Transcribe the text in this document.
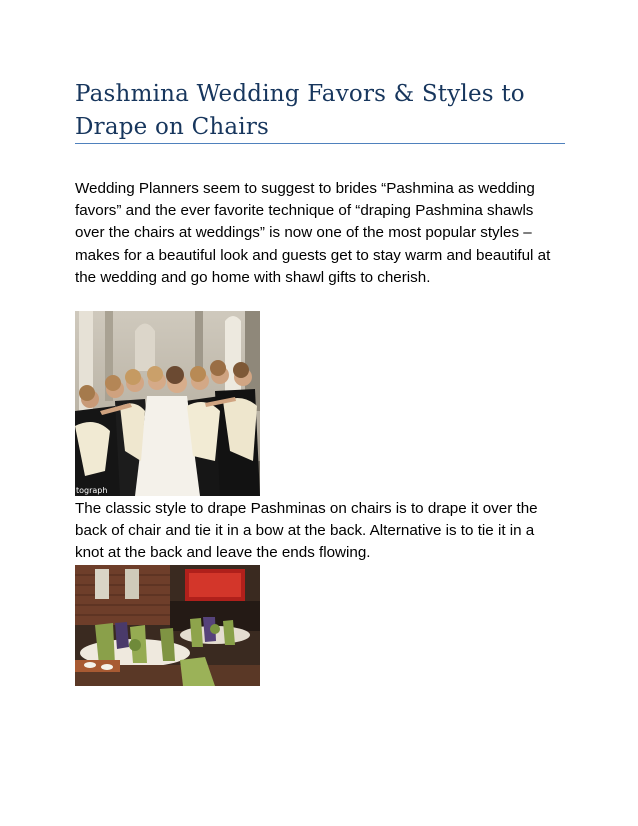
Pashmina Wedding Favors & Styles to
Drape on Chairs

Wedding Planners seem to suggest to brides “Pashmina as wedding favors” and the ever favorite technique of “draping Pashmina shawls over the chairs at weddings” is now one of the most popular styles – makes for a beautiful look and guests get to stay warm and beautiful at the wedding and go home with shawl gifts to cherish.

tograph

The classic style to drape Pashminas on chairs is to drape it over the back of chair and tie it in a bow at the back. Alternative is to tie it in a knot at the back and leave the ends flowing.
